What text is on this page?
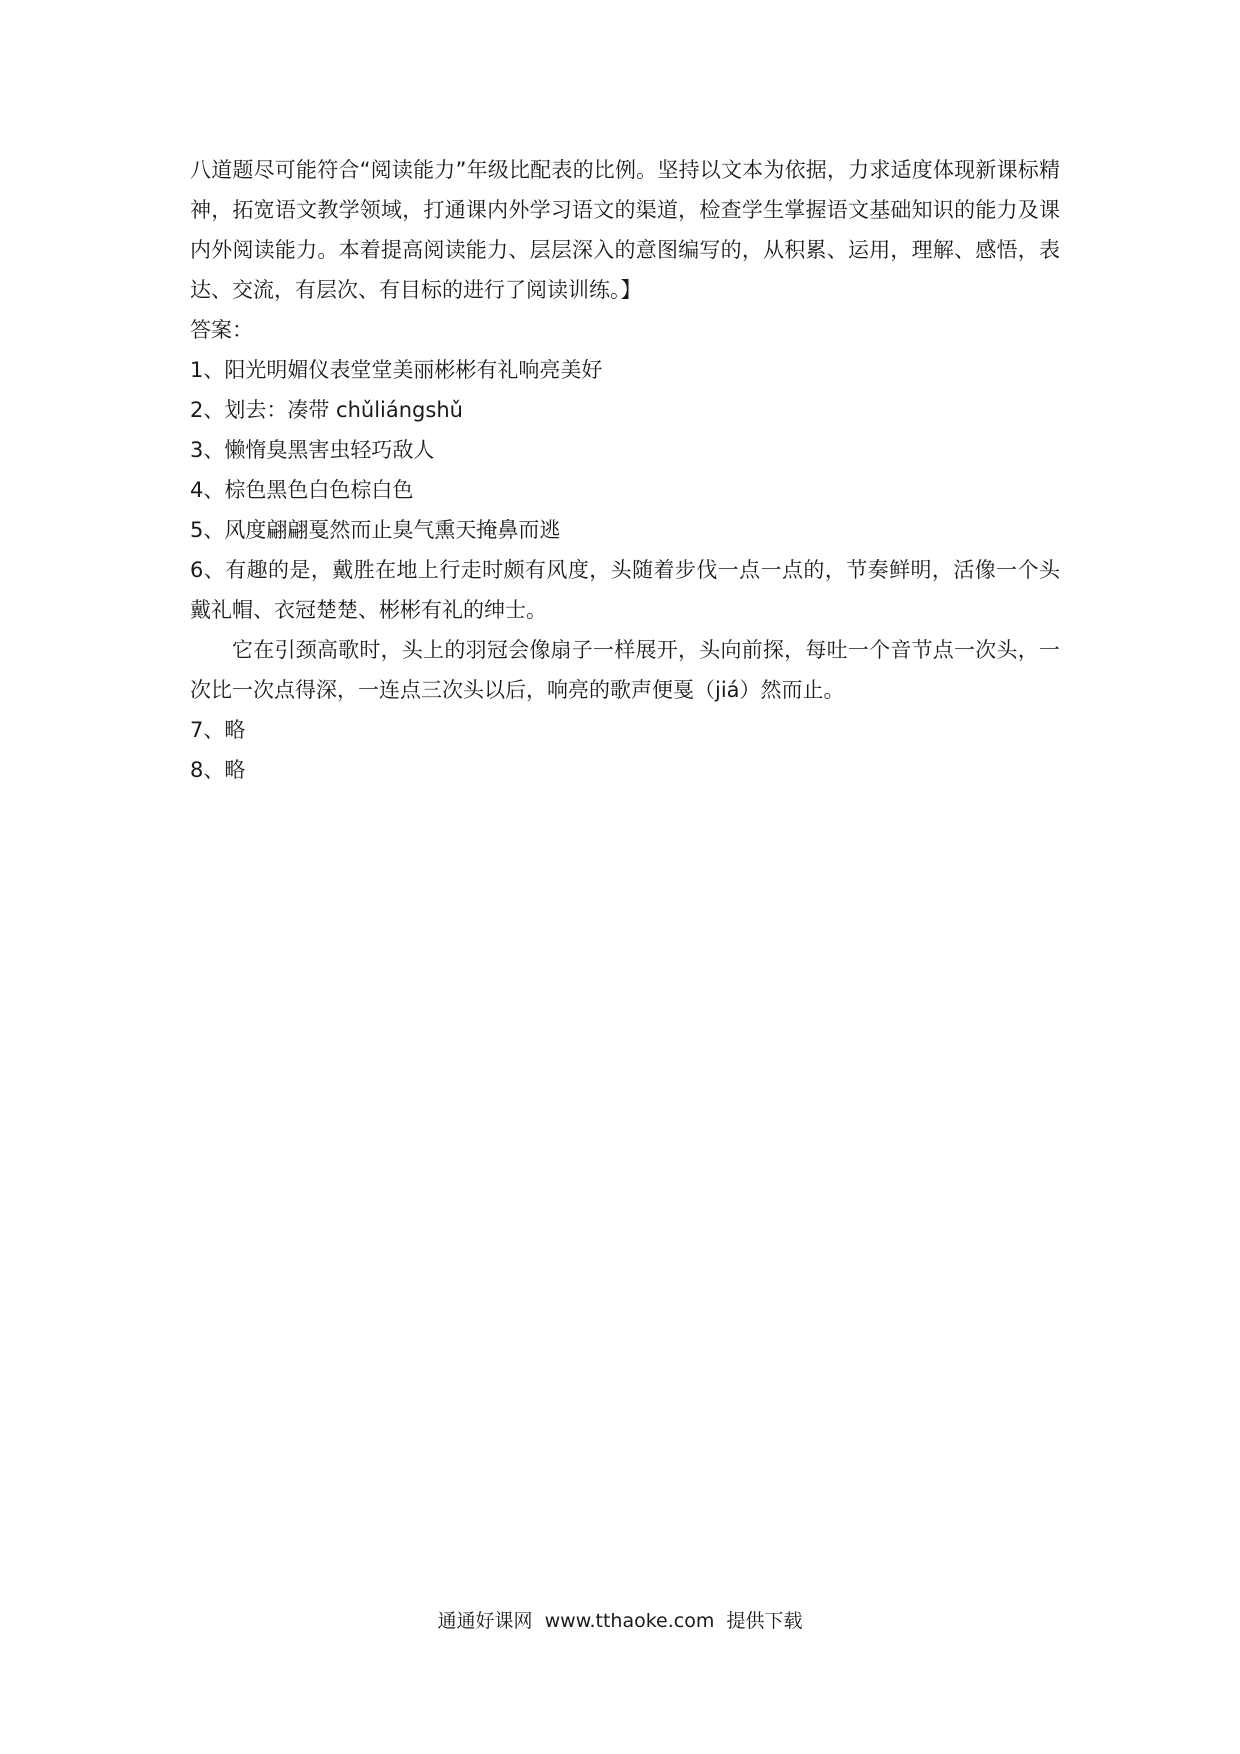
八道题尽可能符合“阅读能力”年级比配表的比例。坚持以文本为依据，力求适度体现新课标精神，拓宽语文教学领域，打通课内外学习语文的渠道，检查学生掌握语文基础知识的能力及课内外阅读能力。本着提高阅读能力、层层深入的意图编写的，从积累、运用，理解、感悟，表达、交流，有层次、有目标的进行了阅读训练。】

答案：

1、阳光明媚仪表堂堂美丽彬彬有礼响亮美好

2、划去：凑带 chǔliángshǔ

3、懒惰臭黑害虫轻巧敌人

4、棕色黑色白色棕白色

5、风度翩翩戛然而止臭气熏天掩鼻而逃

6、有趣的是，戴胜在地上行走时颇有风度，头随着步伐一点一点的，节奏鲜明，活像一个头戴礼帽、衣冠楚楚、彬彬有礼的绅士。

它在引颈高歌时，头上的羽冠会像扇子一样展开，头向前探，每吐一个音节点一次头，一次比一次点得深，一连点三次头以后，响亮的歌声便戛（jiá）然而止。

7、略

8、略

通通好课网  www.tthaoke.com  提供下载
